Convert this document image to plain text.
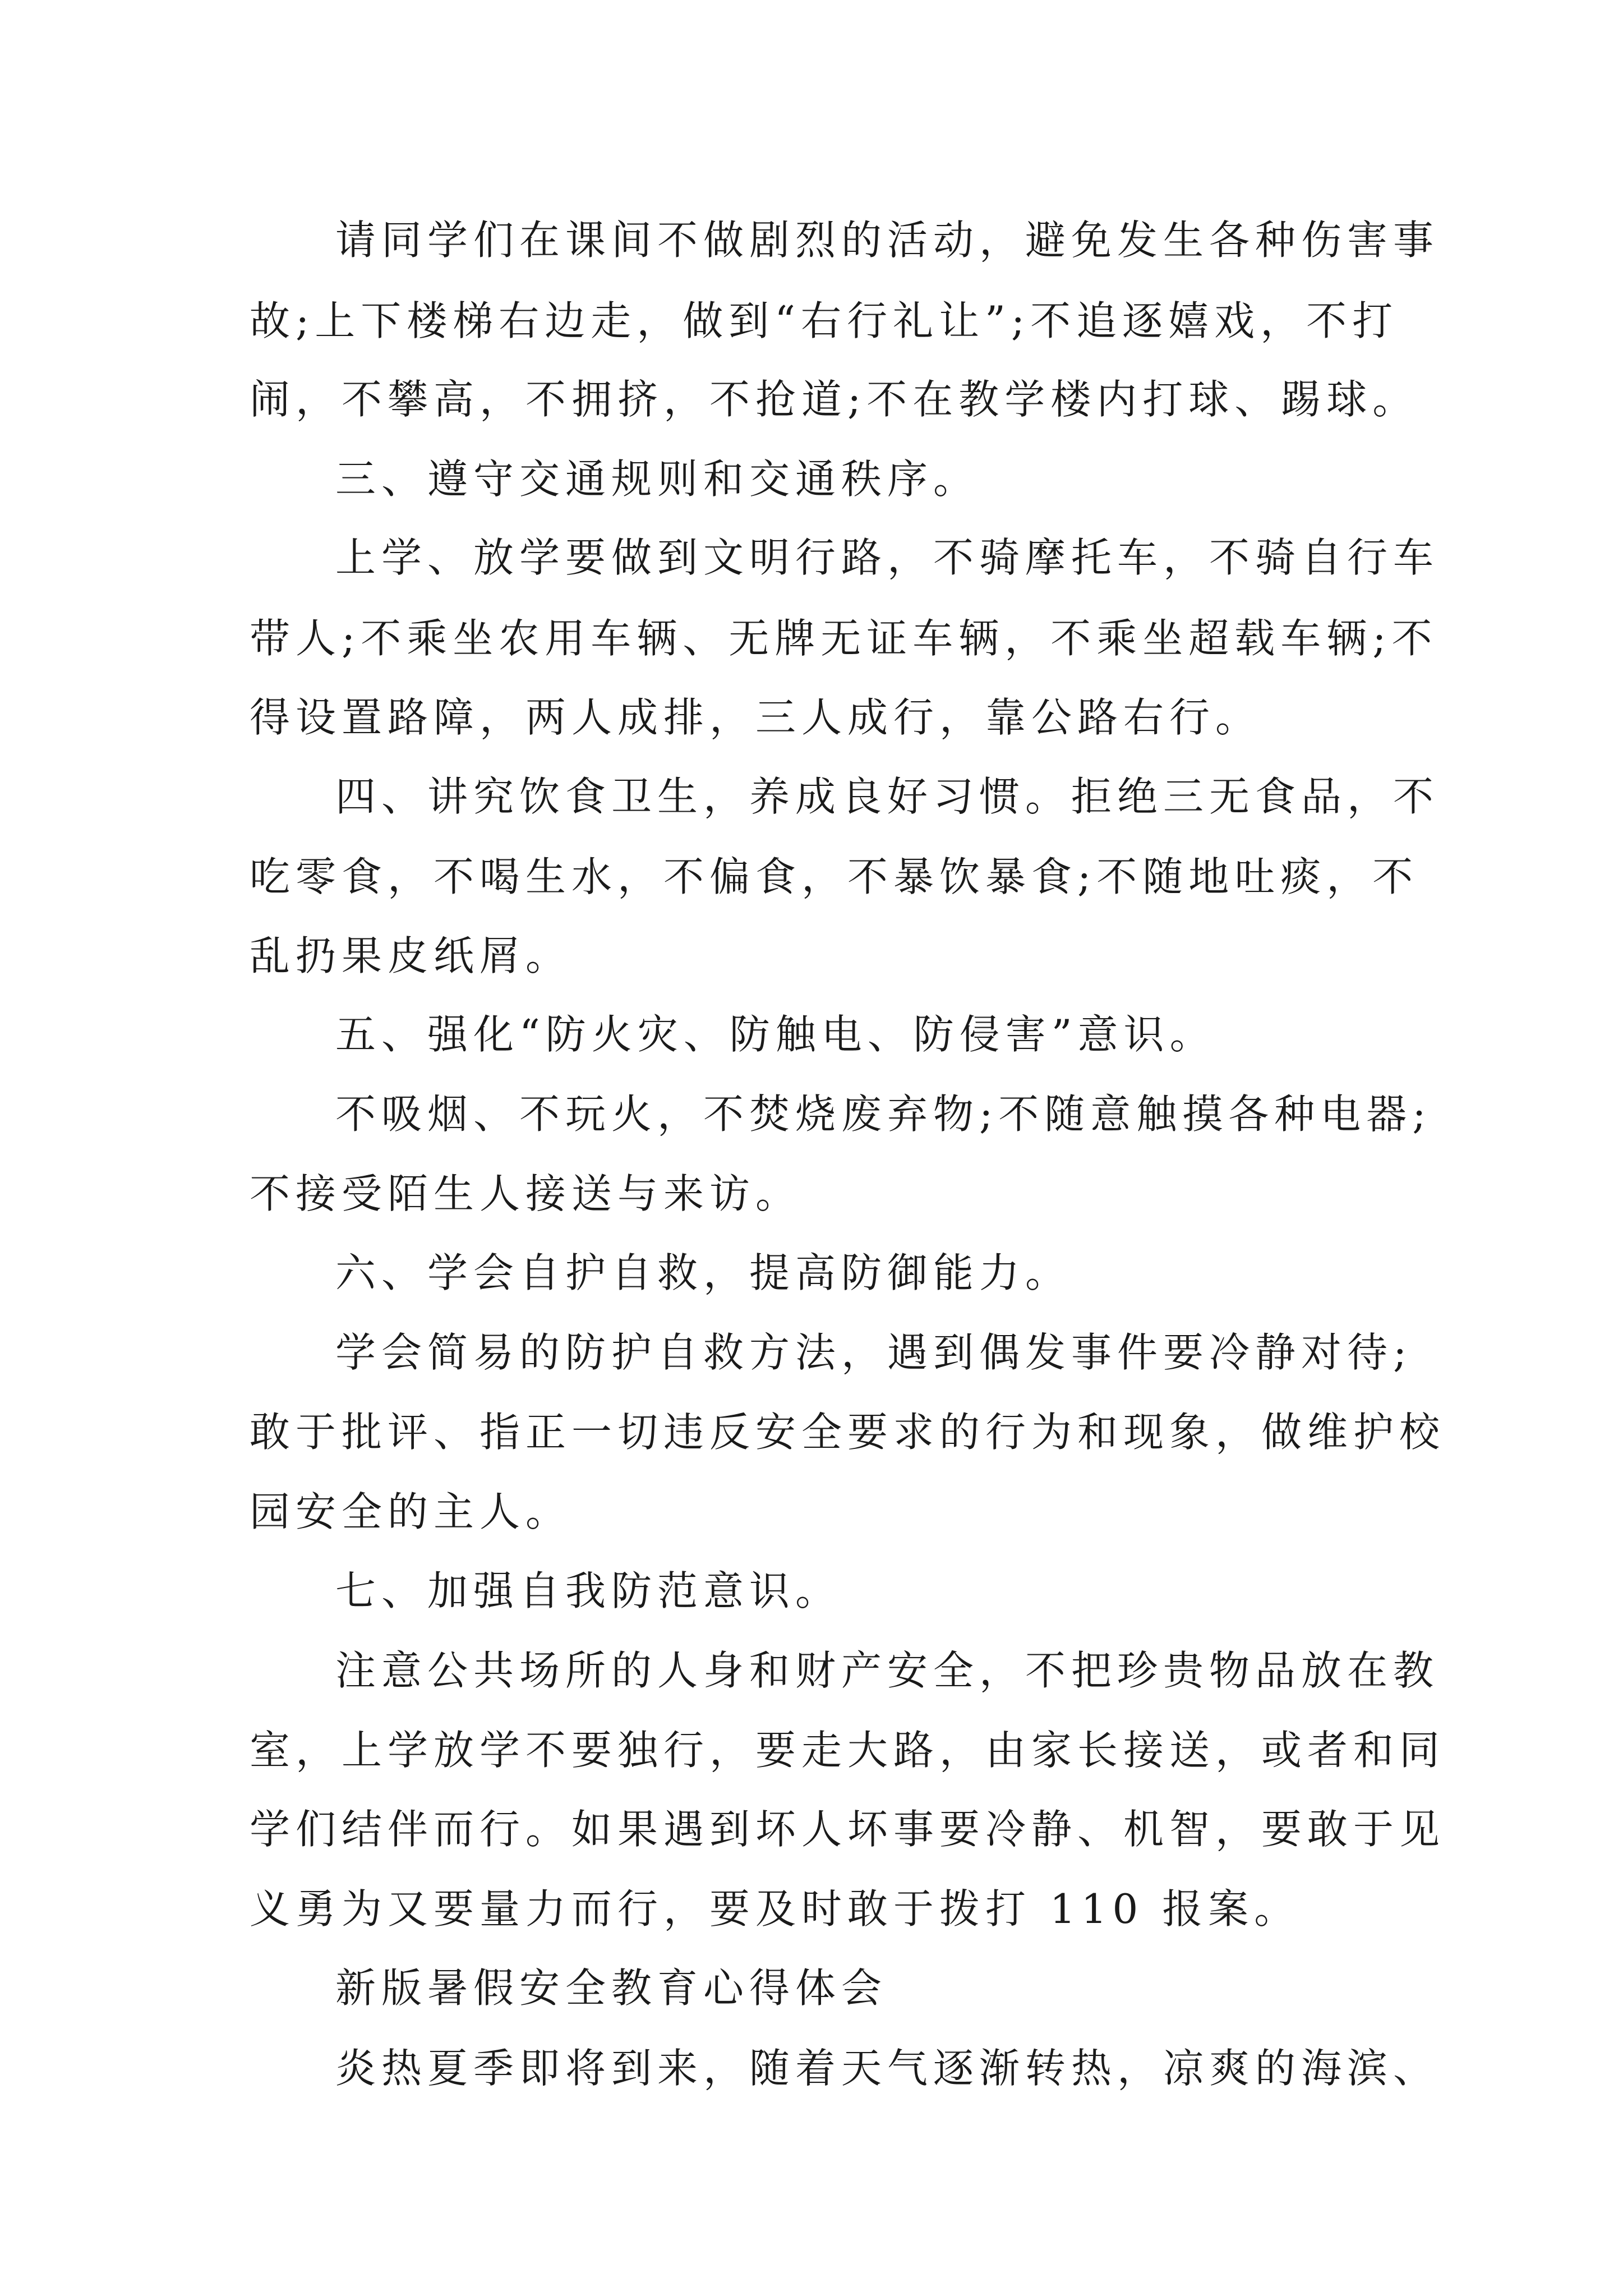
请同学们在课间不做剧烈的活动，避免发生各种伤害事

故;上下楼梯右边走，做到“右行礼让”;不追逐嬉戏，不打

闹，不攀高，不拥挤，不抢道;不在教学楼内打球、踢球。

三、遵守交通规则和交通秩序。

上学、放学要做到文明行路，不骑摩托车，不骑自行车

带人;不乘坐农用车辆、无牌无证车辆，不乘坐超载车辆;不

得设置路障，两人成排，三人成行，靠公路右行。

四、讲究饮食卫生，养成良好习惯。拒绝三无食品，不

吃零食，不喝生水，不偏食，不暴饮暴食;不随地吐痰，不

乱扔果皮纸屑。

五、强化“防火灾、防触电、防侵害”意识。

不吸烟、不玩火，不焚烧废弃物;不随意触摸各种电器;

不接受陌生人接送与来访。

六、学会自护自救，提高防御能力。

学会简易的防护自救方法，遇到偶发事件要冷静对待;

敢于批评、指正一切违反安全要求的行为和现象，做维护校

园安全的主人。

七、加强自我防范意识。

注意公共场所的人身和财产安全，不把珍贵物品放在教

室，上学放学不要独行，要走大路，由家长接送，或者和同

学们结伴而行。如果遇到坏人坏事要冷静、机智，要敢于见

义勇为又要量力而行，要及时敢于拨打 110 报案。

新版暑假安全教育心得体会

炎热夏季即将到来，随着天气逐渐转热，凉爽的海滨、
